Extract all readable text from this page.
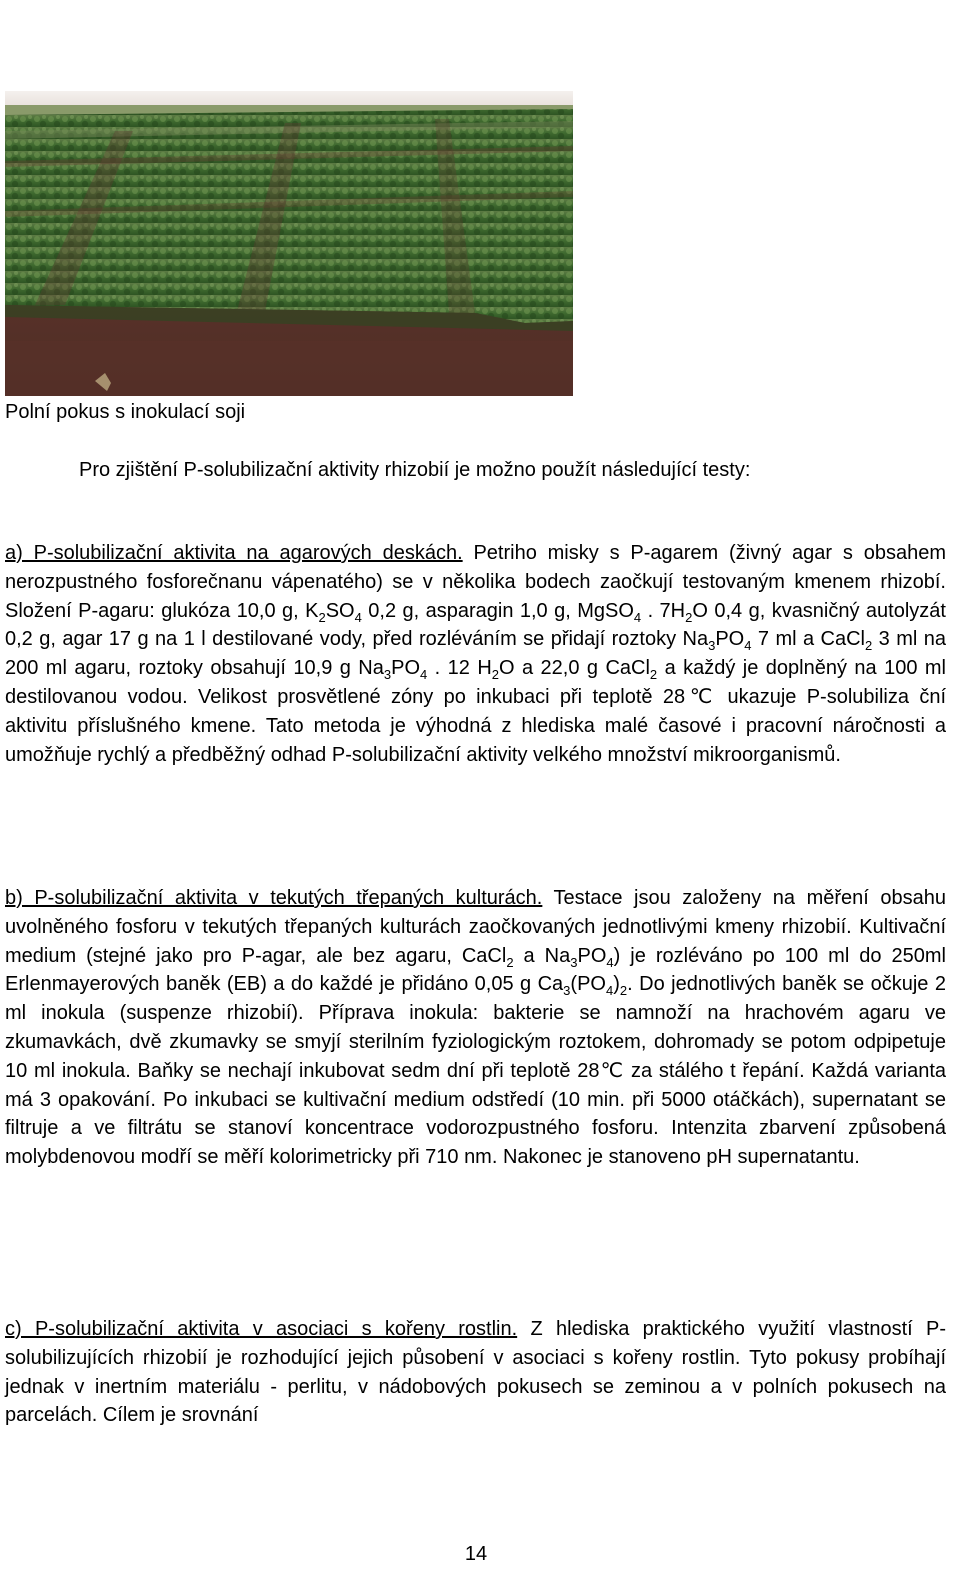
Polní pokus s inokulací soji
Pro zjištění P-solubilizační aktivity rhizobií je možno použít následující testy:

a) P-solubilizační aktivita na agarových deskách. Petriho misky s P-agarem (živný agar s obsahem nerozpustného fosforečnanu vápenatého) se v několika bodech zaočkují testovaným kmenem rhizobí. Složení P-agaru: glukóza 10,0 g, $K_2SO_4$ 0,2 g, asparagin 1,0 g, MgSO$_4$ . $7H_2O$ 0,4 g, kvasničný autolyzát 0,2 g, agar 17 g na 1 l destilované vody, před rozléváním se přidají roztoky $Na_3PO_4$ 7 ml a CaCl$_2$ 3 ml na 200 ml agaru, roztoky obsahují 10,9 g $Na_3PO_4$ . 12 $H_2O$ a 22,0 g CaCl$_2$ a každý je doplněný na 100 ml destilovanou vodou. Velikost prosvětlené zóny po inkubaci při teplotě 28℃ ukazuje P-solubiliza ční aktivitu příslušného kmene. Tato metoda je výhodná z hlediska malé časové i pracovní náročnosti a umožňuje rychlý a předběžný odhad P-solubilizační aktivity velkého množství mikroorganismů.

b) P-solubilizační aktivita v tekutých třepaných kulturách. Testace jsou založeny na měření obsahu uvolněného fosforu v tekutých třepaných kulturách zaočkovaných jednotlivými kmeny rhizobií. Kultivační medium (stejné jako pro P-agar, ale bez agaru, CaCl$_2$ a $Na_3PO_4$) je rozléváno po 100 ml do 250ml Erlenmayerových baněk (EB) a do každé je přidáno 0,05 g $Ca_3(PO_4)_2$. Do jednotlivých baněk se očkuje 2 ml inokula (suspenze rhizobií). Příprava inokula: bakterie se namnoží na hrachovém agaru ve zkumavkách, dvě zkumavky se smyjí sterilním fyziologickým roztokem, dohromady se potom odpipetuje 10 ml inokula. Baňky se nechají inkubovat sedm dní při teplotě 28℃ za stálého t řepání. Každá varianta má 3 opakování. Po inkubaci se kultivační medium odstředí (10 min. při 5000 otáčkách), supernatant se filtruje a ve filtrátu se stanoví koncentrace vodorozpustného fosforu. Intenzita zbarvení způsobená molybdenovou modří se měří kolorimetricky při 710 nm. Nakonec je stanoveno pH supernatantu.

c) P-solubilizační aktivita v asociaci s kořeny rostlin. Z hlediska praktického využití vlastností P-solubilizujících rhizobií je rozhodující jejich působení v asociaci s kořeny rostlin. Tyto pokusy probíhají jednak v inertním materiálu - perlitu, v nádobových pokusech se zeminou a v polních pokusech na parcelách. Cílem je srovnání

14
